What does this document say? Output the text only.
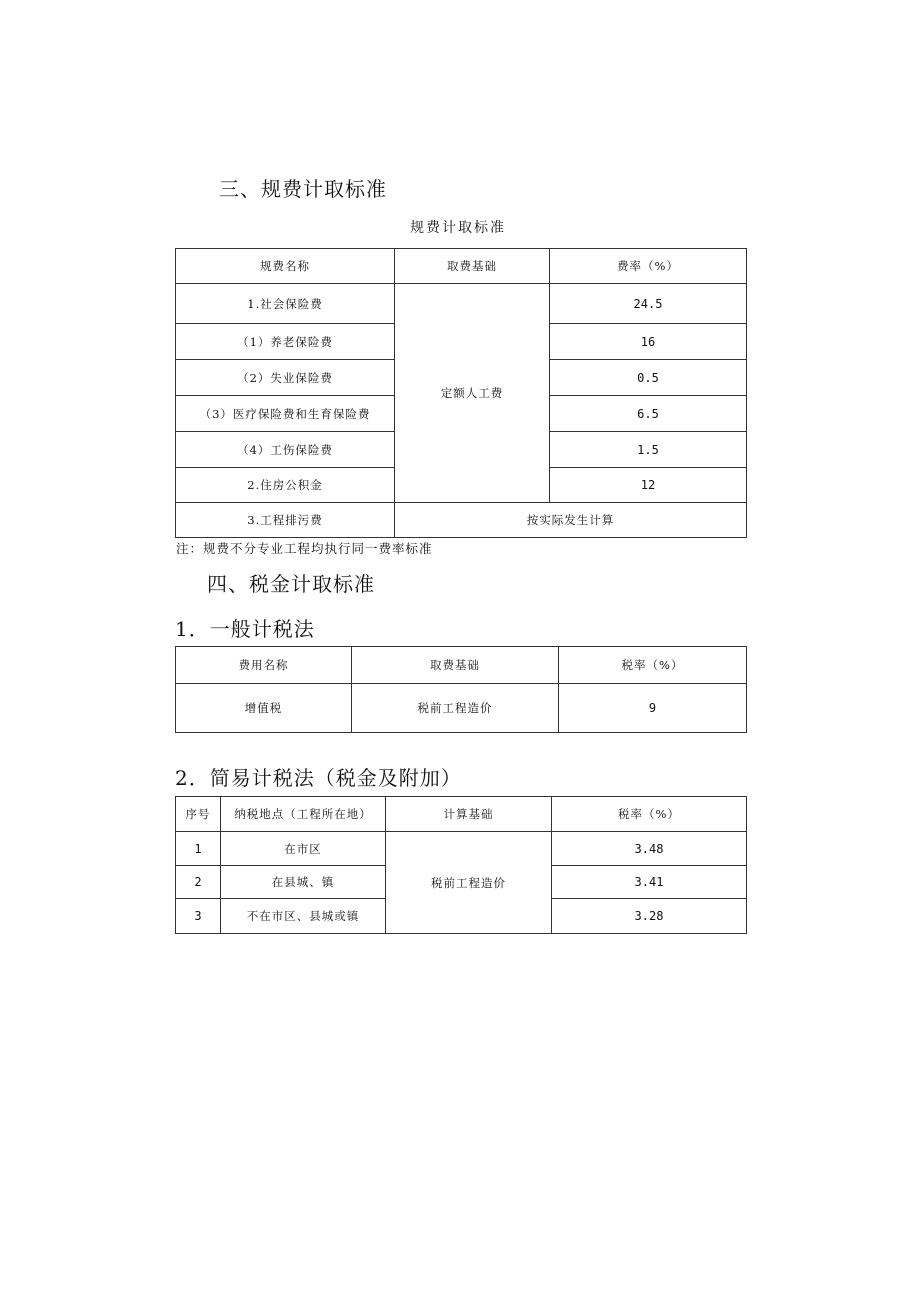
三、规费计取标准
规费计取标准
规费名称	取费基础	费率（%）
1.社会保险费	定额人工费	24.5
（1）养老保险费		16
（2）失业保险费		0.5
（3）医疗保险费和生育保险费		6.5
（4）工伤保险费		1.5
2.住房公积金		12
3.工程排污费	按实际发生计算	
注：规费不分专业工程均执行同一费率标准
四、税金计取标准
1．一般计税法
费用名称	取费基础	税率（%）
增值税	税前工程造价	9
2．简易计税法（税金及附加）
序号	纳税地点（工程所在地）	计算基础	税率（%）
1	在市区	税前工程造价	3.48
2	在县城、镇		3.41
3	不在市区、县城或镇		3.28
